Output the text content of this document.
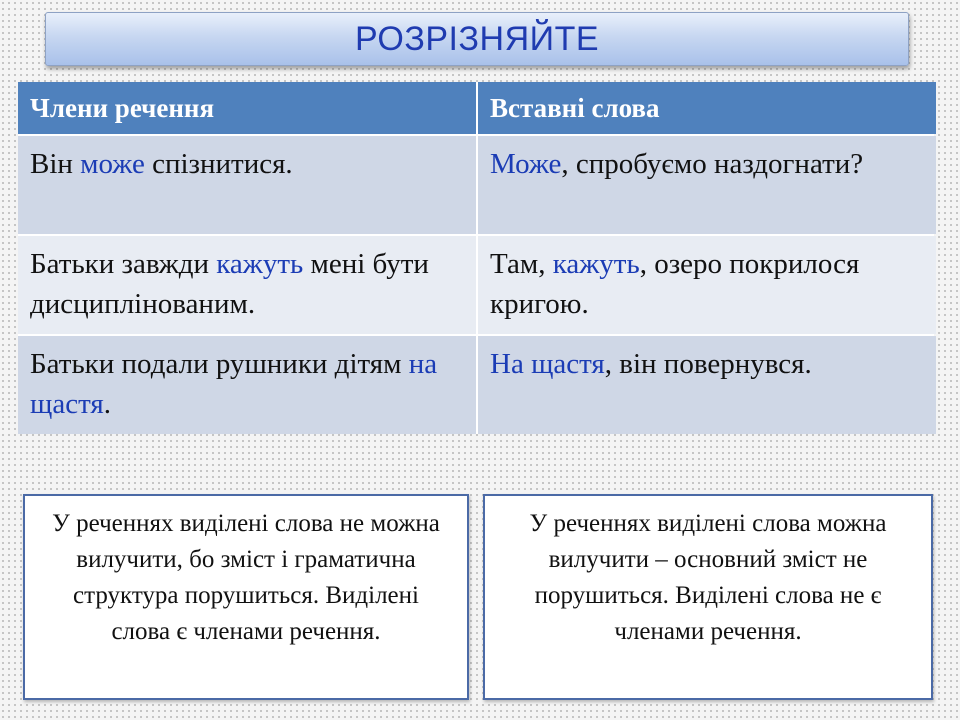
РОЗРІЗНЯЙТЕ
Члени речення	Вставні слова
Він може спізнитися.	Може, спробуємо наздогнати?
Батьки завжди кажуть мені бути дисциплінованим.
Там, кажуть, озеро покрилося кригою.
Батьки подали рушники дітям на щастя.
На щастя, він повернувся.
У реченнях виділені слова не можна вилучити, бо зміст і граматична структура порушиться. Виділені слова є членами речення.
У реченнях виділені слова можна вилучити – основний зміст не порушиться. Виділені слова не є членами речення.
